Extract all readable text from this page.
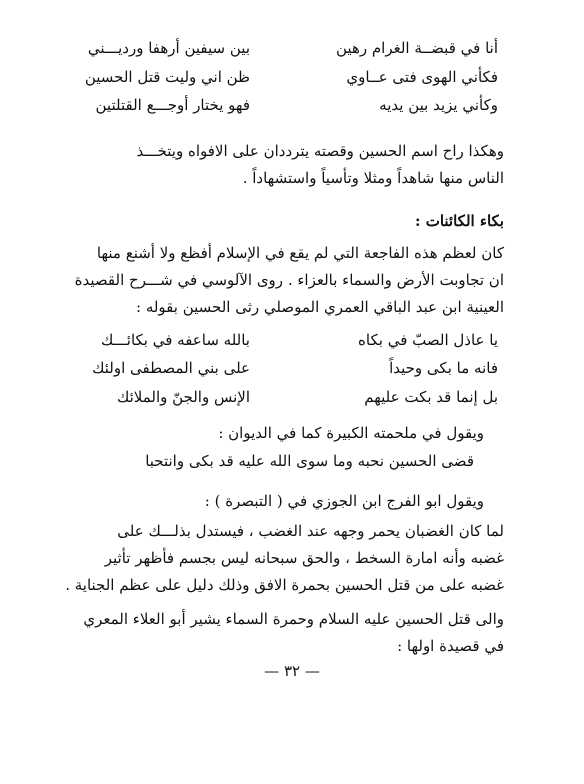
أنا في قبضــة الغرام رهين
بين سيفين أرهفا ورديـــني
فكأني الهوى فتى عــاوي
ظن اني وليت قتل الحسين
وكأني يزيد بين يديه
فهو يختار أوجـــع القتلتين
وهكذا راح اسم الحسين وقصته يترددان على الافواه ويتخـــذ
الناس منها شاهداً ومثلا وتأسياً واستشهاداً .
بكاء الكائنات :
كان لعظم هذه الفاجعة التي لم يقع في الإسلام أفظع ولا أشنع منها
ان تجاوبت الأرض والسماء بالعزاء . روى الآلوسي في شـــرح القصيدة
العينية ابن عبد الباقي العمري الموصلي رثى الحسين بقوله :
يا عاذل الصبّ في بكاه
بالله ساعفه في بكائـــك
فانه ما بكى وحيداً
على بني المصطفى اولئك
بل إنما قد بكت عليهم
الإنس والجنّ والملائك
ويقول في ملحمته الكبيرة كما في الديوان :
قضى الحسين نحبه وما سوى الله عليه قد بكى وانتحبا
ويقول ابو الفرج ابن الجوزي في ( التبصرة ) :
لما كان الغضبان يحمر وجهه عند الغضب ، فيستدل بذلـــك على
غضبه وأنه امارة السخط ، والحق سبحانه ليس بجسم فأظهر تأثير
غضبه على من قتل الحسين بحمرة الافق وذلك دليل على عظم الجناية .
والى قتل الحسين عليه السلام وحمرة السماء يشير أبو العلاء المعري
في قصيدة اولها :
— ٣٢ —
